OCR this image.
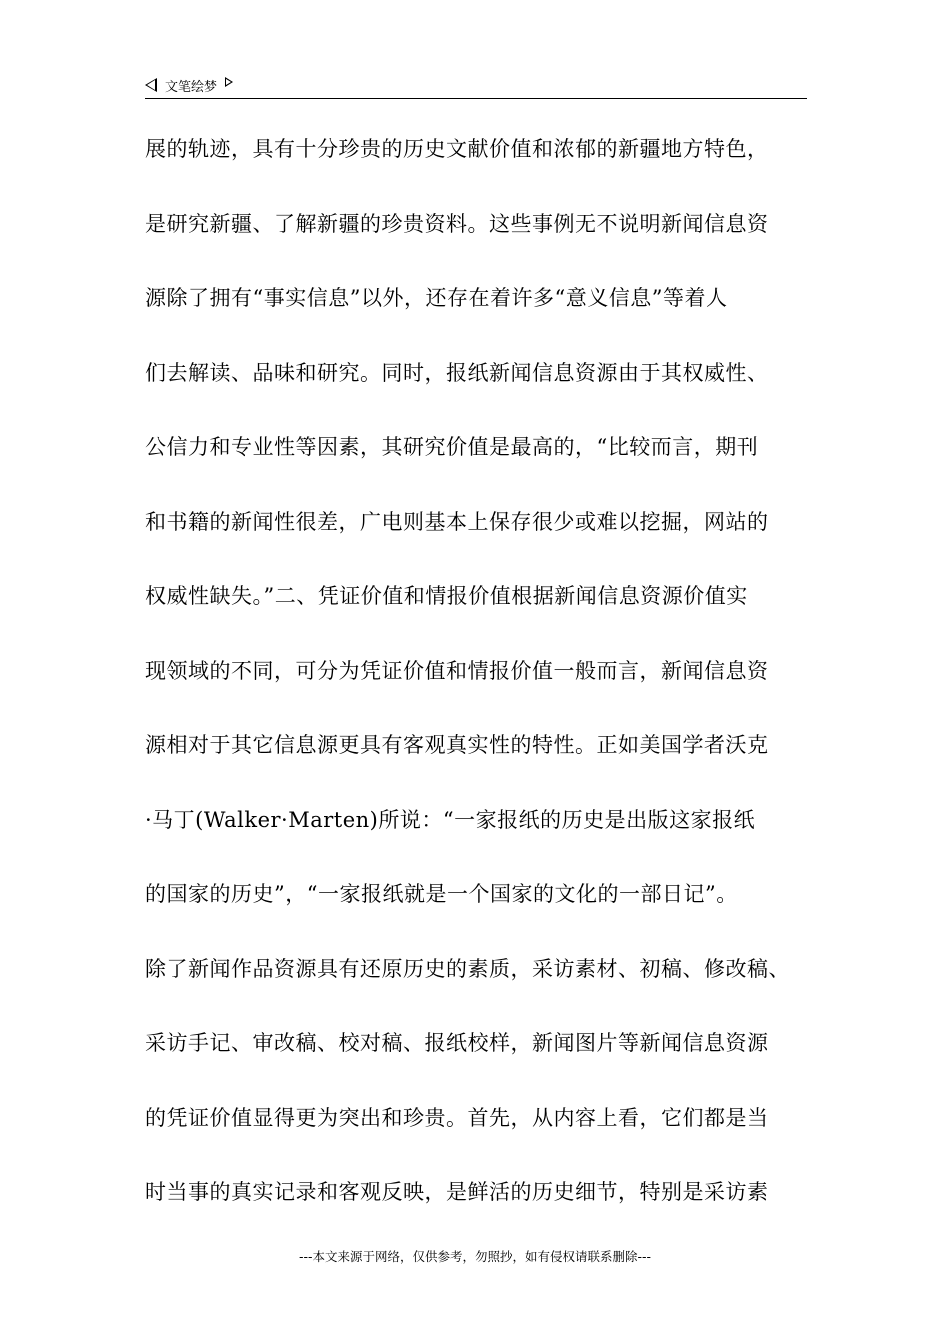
文笔绘梦
展的轨迹，具有十分珍贵的历史文献价值和浓郁的新疆地方特色，
是研究新疆、了解新疆的珍贵资料。这些事例无不说明新闻信息资
源除了拥有“事实信息”以外，还存在着许多“意义信息”等着人
们去解读、品味和研究。同时，报纸新闻信息资源由于其权威性、
公信力和专业性等因素，其研究价值是最高的，“比较而言，期刊
和书籍的新闻性很差，广电则基本上保存很少或难以挖掘，网站的
权威性缺失。”二、凭证价值和情报价值根据新闻信息资源价值实
现领域的不同，可分为凭证价值和情报价值一般而言，新闻信息资
源相对于其它信息源更具有客观真实性的特性。正如美国学者沃克
·马丁(Walker·Marten)所说：“一家报纸的历史是出版这家报纸
的国家的历史”，“一家报纸就是一个国家的文化的一部日记”。
除了新闻作品资源具有还原历史的素质，采访素材、初稿、修改稿、
采访手记、审改稿、校对稿、报纸校样，新闻图片等新闻信息资源
的凭证价值显得更为突出和珍贵。首先，从内容上看，它们都是当
时当事的真实记录和客观反映，是鲜活的历史细节，特别是采访素
---本文来源于网络，仅供参考，勿照抄，如有侵权请联系删除---
